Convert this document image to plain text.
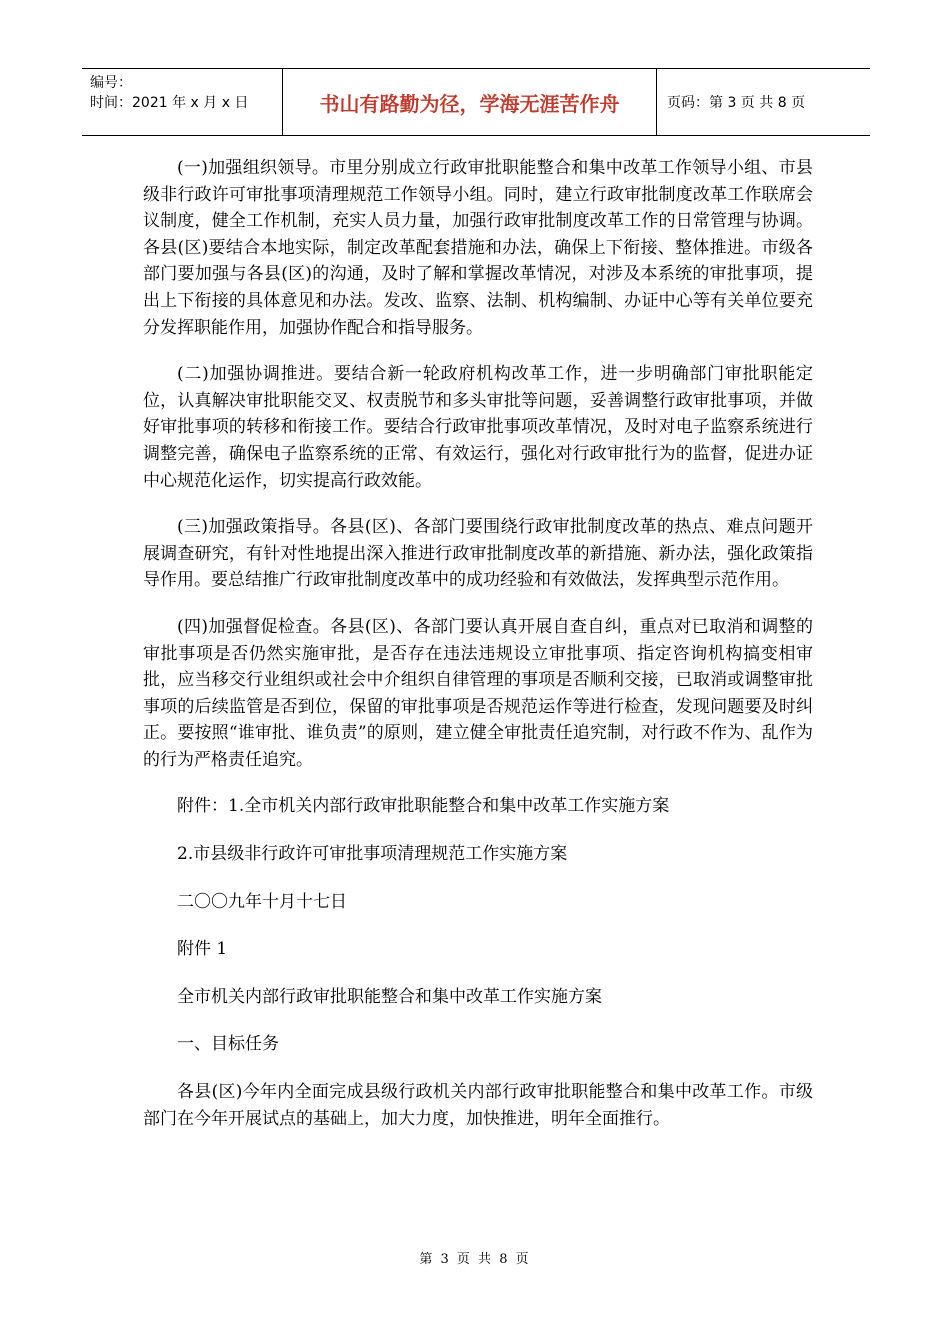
编号：
时间：2021 年 x 月 x 日	书山有路勤为径，学海无涯苦作舟	页码：第 3 页 共 8 页

(一)加强组织领导。市里分别成立行政审批职能整合和集中改革工作领导小组、市县级非行政许可审批事项清理规范工作领导小组。同时，建立行政审批制度改革工作联席会议制度，健全工作机制，充实人员力量，加强行政审批制度改革工作的日常管理与协调。各县(区)要结合本地实际，制定改革配套措施和办法，确保上下衔接、整体推进。市级各部门要加强与各县(区)的沟通，及时了解和掌握改革情况，对涉及本系统的审批事项，提出上下衔接的具体意见和办法。发改、监察、法制、机构编制、办证中心等有关单位要充分发挥职能作用，加强协作配合和指导服务。

(二)加强协调推进。要结合新一轮政府机构改革工作，进一步明确部门审批职能定位，认真解决审批职能交叉、权责脱节和多头审批等问题，妥善调整行政审批事项，并做好审批事项的转移和衔接工作。要结合行政审批事项改革情况，及时对电子监察系统进行调整完善，确保电子监察系统的正常、有效运行，强化对行政审批行为的监督，促进办证中心规范化运作，切实提高行政效能。

(三)加强政策指导。各县(区)、各部门要围绕行政审批制度改革的热点、难点问题开展调查研究，有针对性地提出深入推进行政审批制度改革的新措施、新办法，强化政策指导作用。要总结推广行政审批制度改革中的成功经验和有效做法，发挥典型示范作用。

(四)加强督促检查。各县(区)、各部门要认真开展自查自纠，重点对已取消和调整的审批事项是否仍然实施审批，是否存在违法违规设立审批事项、指定咨询机构搞变相审批，应当移交行业组织或社会中介组织自律管理的事项是否顺利交接，已取消或调整审批事项的后续监管是否到位，保留的审批事项是否规范运作等进行检查，发现问题要及时纠正。要按照“谁审批、谁负责”的原则，建立健全审批责任追究制，对行政不作为、乱作为的行为严格责任追究。

附件：1.全市机关内部行政审批职能整合和集中改革工作实施方案

2.市县级非行政许可审批事项清理规范工作实施方案

二〇〇九年十月十七日

附件 1

全市机关内部行政审批职能整合和集中改革工作实施方案

一、目标任务

各县(区)今年内全面完成县级行政机关内部行政审批职能整合和集中改革工作。市级部门在今年开展试点的基础上，加大力度，加快推进，明年全面推行。

第 3 页 共 8 页
